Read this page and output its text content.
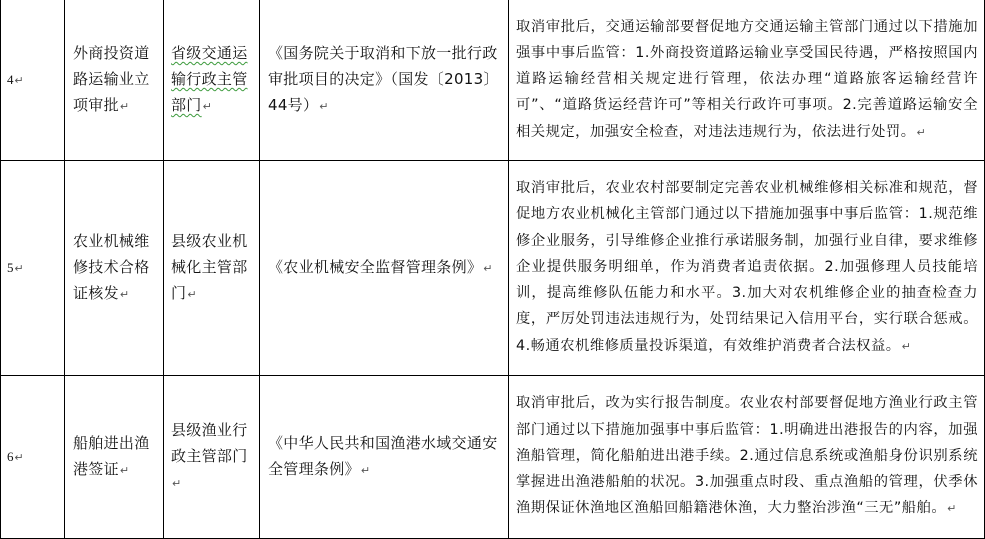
4↵	外商投资道路运输业立项审批↵	省级交通运输行政主管部门↵	《国务院关于取消和下放一批行政审批项目的决定》（国发〔2013〕44号）↵	取消审批后，交通运输部要督促地方交通运输主管部门通过以下措施加强事中事后监管：1.外商投资道路运输业享受国民待遇，严格按照国内道路运输经营相关规定进行管理，依法办理“道路旅客运输经营许可”、“道路货运经营许可”等相关行政许可事项。2.完善道路运输安全相关规定，加强安全检查，对违法违规行为，依法进行处罚。↵

5↵	农业机械维修技术合格证核发↵	县级农业机械化主管部门↵	《农业机械安全监督管理条例》↵	取消审批后，农业农村部要制定完善农业机械维修相关标准和规范，督促地方农业机械化主管部门通过以下措施加强事中事后监管：1.规范维修企业服务，引导维修企业推行承诺服务制，加强行业自律，要求维修企业提供服务明细单，作为消费者追责依据。2.加强修理人员技能培训，提高维修队伍能力和水平。3.加大对农机维修企业的抽查检查力度，严厉处罚违法违规行为，处罚结果记入信用平台，实行联合惩戒。4.畅通农机维修质量投诉渠道，有效维护消费者合法权益。↵

6↵	船舶进出渔港签证↵	县级渔业行政主管部门↵	《中华人民共和国渔港水域交通安全管理条例》↵	取消审批后，改为实行报告制度。农业农村部要督促地方渔业行政主管部门通过以下措施加强事中事后监管：1.明确进出港报告的内容，加强渔船管理，简化船舶进出港手续。2.通过信息系统或渔船身份识别系统掌握进出渔港船舶的状况。3.加强重点时段、重点渔船的管理，伏季休渔期保证休渔地区渔船回船籍港休渔，大力整治涉渔“三无”船舶。↵
